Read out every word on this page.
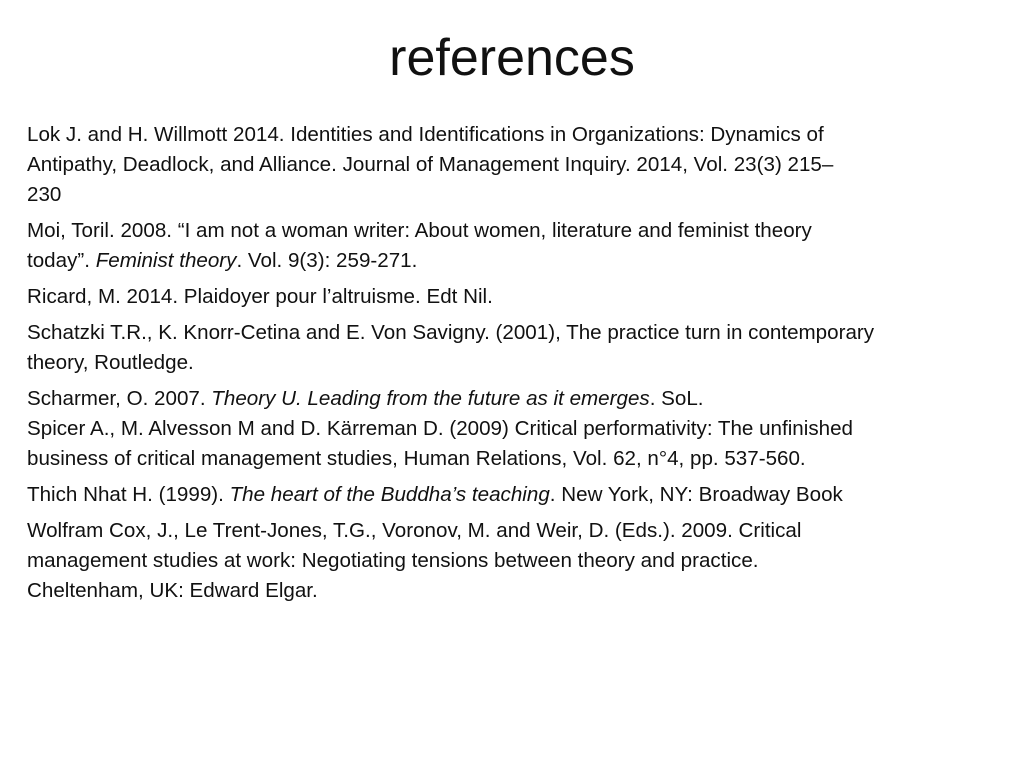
references

Lok J. and H. Willmott 2014. Identities and Identifications in Organizations: Dynamics of
Antipathy, Deadlock, and Alliance. Journal of Management Inquiry. 2014, Vol. 23(3) 215–
230

Moi, Toril. 2008. “I am not a woman writer: About women, literature and feminist theory
today”. Feminist theory. Vol. 9(3): 259-271.

Ricard, M. 2014. Plaidoyer pour l’altruisme. Edt Nil.

Schatzki T.R., K. Knorr-Cetina and E. Von Savigny. (2001), The practice turn in contemporary
theory, Routledge.

Scharmer, O. 2007. Theory U. Leading from the future as it emerges. SoL.

Spicer A., M. Alvesson M and D. Kärreman D. (2009) Critical performativity: The unfinished
business of critical management studies, Human Relations, Vol. 62, n°4, pp. 537-560.

Thich Nhat H. (1999). The heart of the Buddha’s teaching. New York, NY: Broadway Book

Wolfram Cox, J., Le Trent-Jones, T.G., Voronov, M. and Weir, D. (Eds.). 2009. Critical
management studies at work: Negotiating tensions between theory and practice.
Cheltenham, UK: Edward Elgar.
